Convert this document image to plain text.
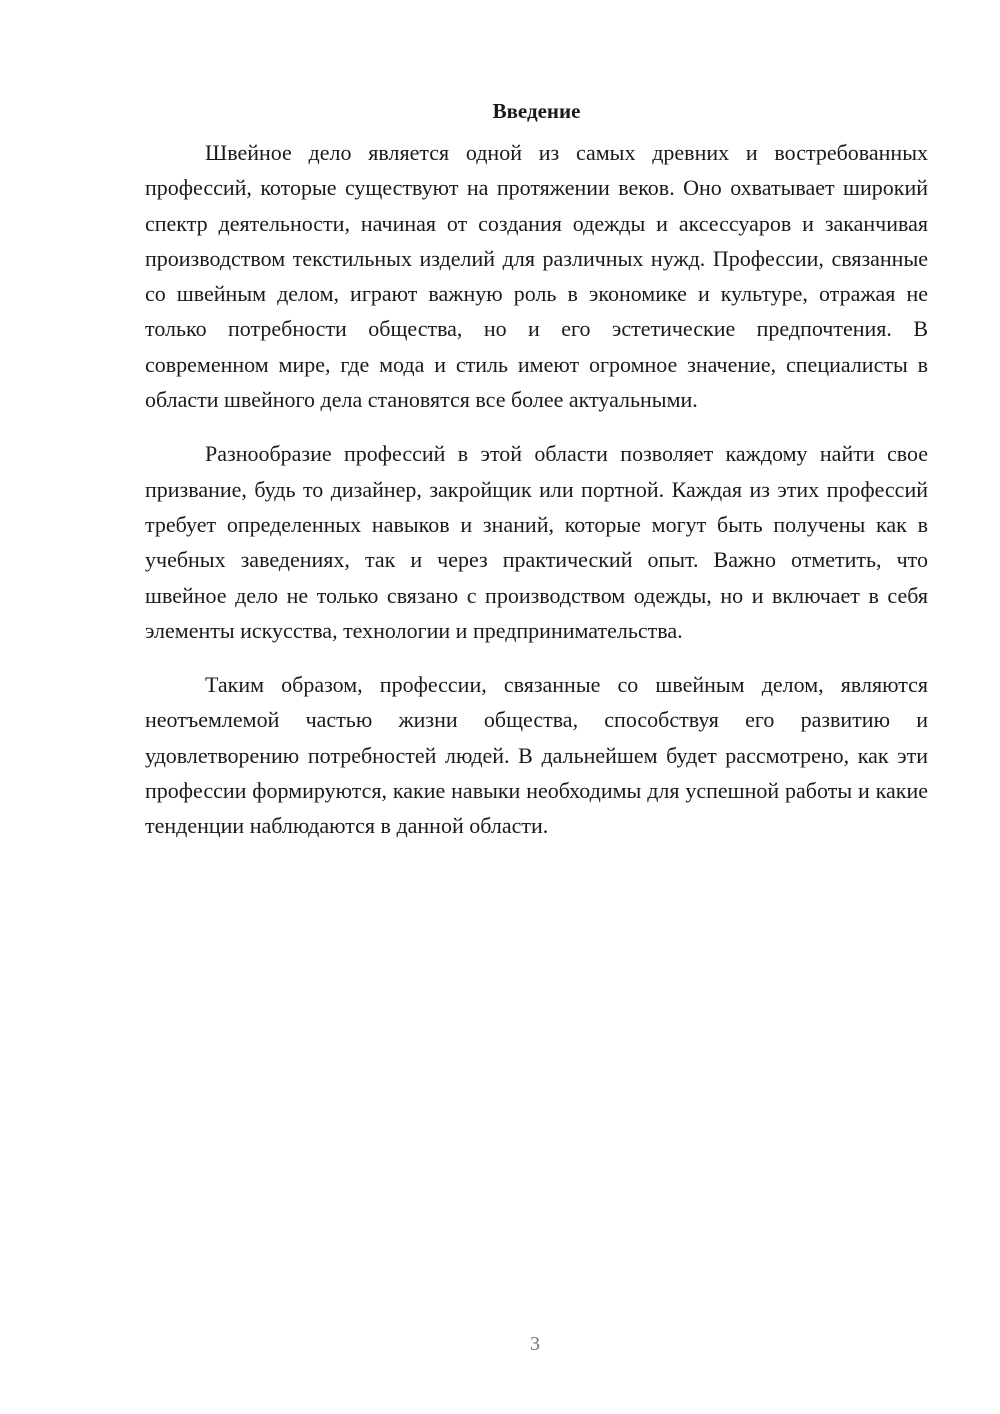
Введение

Швейное дело является одной из самых древних и востребованных профессий, которые существуют на протяжении веков. Оно охватывает широкий спектр деятельности, начиная от создания одежды и аксессуаров и заканчивая производством текстильных изделий для различных нужд. Профессии, связанные со швейным делом, играют важную роль в экономике и культуре, отражая не только потребности общества, но и его эстетические предпочтения. В современном мире, где мода и стиль имеют огромное значение, специалисты в области швейного дела становятся все более актуальными.

Разнообразие профессий в этой области позволяет каждому найти свое призвание, будь то дизайнер, закройщик или портной. Каждая из этих профессий требует определенных навыков и знаний, которые могут быть получены как в учебных заведениях, так и через практический опыт. Важно отметить, что швейное дело не только связано с производством одежды, но и включает в себя элементы искусства, технологии и предпринимательства.

Таким образом, профессии, связанные со швейным делом, являются неотъемлемой частью жизни общества, способствуя его развитию и удовлетворению потребностей людей. В дальнейшем будет рассмотрено, как эти профессии формируются, какие навыки необходимы для успешной работы и какие тенденции наблюдаются в данной области.

3
